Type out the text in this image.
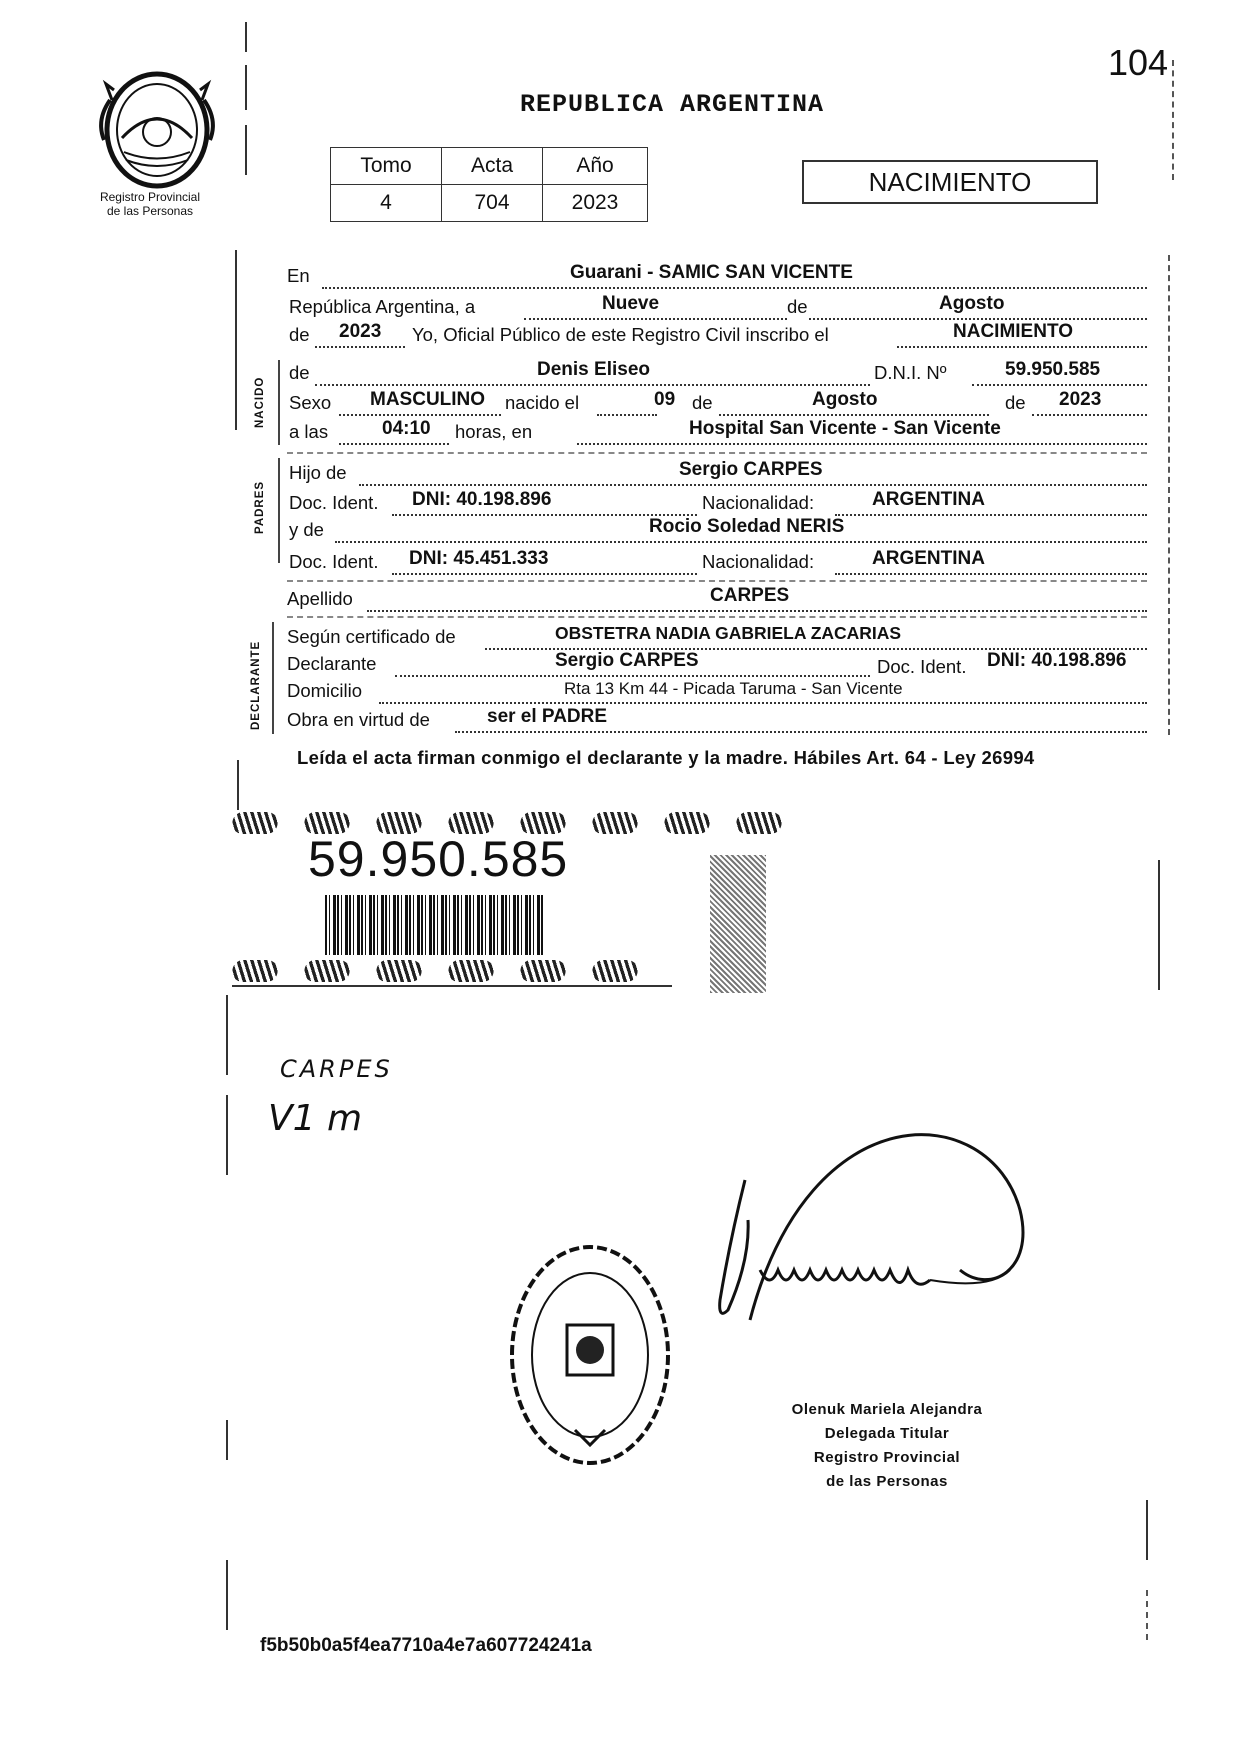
104
REPUBLICA ARGENTINA
Registro Provincial
de las Personas
Tomo	Acta	Año
4	704	2023
NACIMIENTO
En	Guarani - SAMIC SAN VICENTE
República Argentina, a	Nueve	de	Agosto
de 2023 Yo, Oficial Público de este Registro Civil inscribo el	NACIMIENTO
NACIDO
de	Denis Eliseo	D.N.I. Nº	59.950.585
Sexo MASCULINO nacido el	09 de	Agosto	de 2023
a las	04:10 horas, en	Hospital San Vicente - San Vicente
PADRES
Hijo de	Sergio CARPES
Doc. Ident. DNI: 40.198.896	Nacionalidad:	ARGENTINA
y de	Rocio Soledad NERIS
Doc. Ident. DNI: 45.451.333	Nacionalidad:	ARGENTINA
Apellido	CARPES
DECLARANTE
Según certificado de	OBSTETRA NADIA GABRIELA ZACARIAS
Declarante	Sergio CARPES	Doc. Ident. DNI: 40.198.896
Domicilio	Rta 13 Km 44 - Picada Taruma - San Vicente
Obra en virtud de	ser el PADRE
Leída el acta firman conmigo el declarante y la madre. Hábiles Art. 64 - Ley 26994
59.950.585
CARPES
V1 m
Olenuk Mariela Alejandra
Delegada Titular
Registro Provincial
de las Personas
f5b50b0a5f4ea7710a4e7a607724241a
